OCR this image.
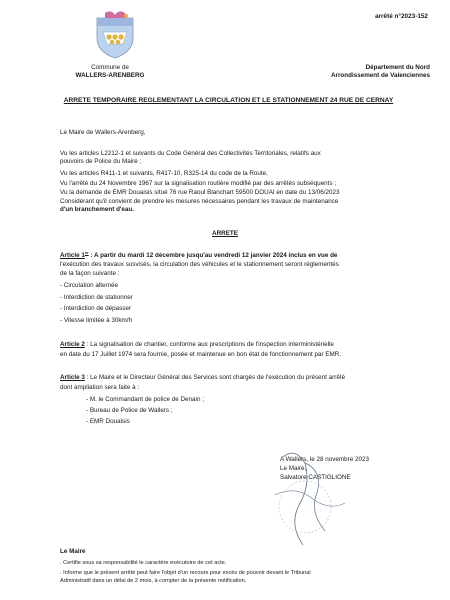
arrêté n°2023-152
Commune de
WALLERS-ARENBERG
Département du Nord
Arrondissement de Valenciennes
ARRETE TEMPORAIRE REGLEMENTANT LA CIRCULATION ET LE STATIONNEMENT 24 RUE DE CERNAY
Le Maire de Wallers-Arenberg,
Vu les articles L2212-1 et suivants du Code Général des Collectivités Territoriales, relatifs aux
pouvoirs de Police du Maire ;
Vu les articles R411-1 et suivants, R417-10, R325-14 du code de la Route,
Vu l'arrêté du 24 Novembre 1967 sur la signalisation routière modifié par des arrêtés subséquents ;
Vu la demande de EMR Douaisis situé 76 rue Raoul Blanchart 59500 DOUAI en date du 13/06/2023
Considérant qu'il convient de prendre les mesures nécessaires pendant les travaux de maintenance
d'un branchement d'eau.
ARRETE
Article 1er : A partir du mardi 12 décembre jusqu'au vendredi 12 janvier 2024 inclus en vue de
l'exécution des travaux susvisés, la circulation des véhicules et le stationnement seront réglementés
de la façon suivante :
- Circulation alternée
- Interdiction de stationner
- Interdiction de dépasser
- Vitesse limitée à 30km/h
Article 2 : La signalisation de chantier, conforme aux prescriptions de l'inspection interministérielle
en date du 17 Juillet 1974 sera fournie, posée et maintenue en bon état de fonctionnement par EMR.
Article 3 : Le Maire et le Directeur Général des Services sont chargés de l'exécution du présent arrêté
dont ampliation sera faite à :
- M. le Commandant de police de Denain ;
- Bureau de Police de Wallers ;
- EMR Douaisis
A Wallers, le 28 novembre 2023
Le Maire,
Salvatore CASTIGLIONE
Le Maire
. Certifie sous sa responsabilité le caractère exécutoire de cet acte.
. Informe que le présent arrêté peut faire l'objet d'un recours pour excès de pouvoir devant le Tribunal
Administratif dans un délai de 2 mois, à compter de la présente notification.
